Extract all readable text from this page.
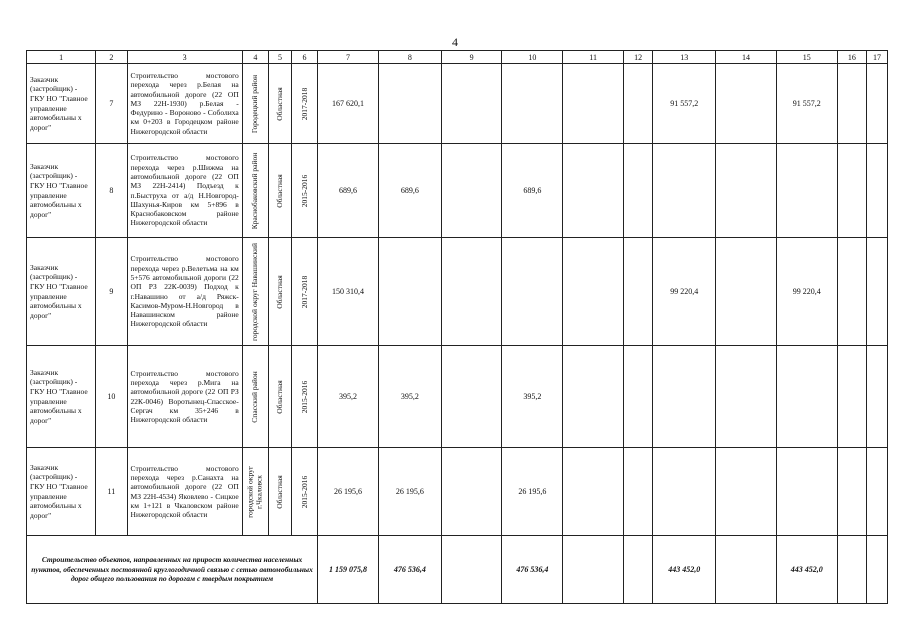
4
1	2	3	4	5	6	7	8	9	10	11	12	13	14	15	16	17
Заказчик (застройщик) - ГКУ НО "Главное управление автомобильны х дорог"	7	Строительство мостового перехода через р.Белая на автомобильной дороге (22 ОП МЗ 22Н-1930) р.Белая - Федурино - Вороново - Соболиха км 0+203 в Городецком районе Нижегородской области	Городецкий район	Областная	2017-2018	167 620,1						91 557,2		91 557,2		
Заказчик (застройщик) - ГКУ НО "Главное управление автомобильны х дорог"	8	Строительство мостового перехода через р.Шижма на автомобильной дороге (22 ОП МЗ 22Н-2414) Подъезд к п.Быструха от а/д Н.Новгород-Шахунья-Киров км 5+896 в Краснобаковском районе Нижегородской области	Краснобаковский район	Областная	2015-2016	689,6	689,6		689,6							
Заказчик (застройщик) - ГКУ НО "Главное управление автомобильны х дорог"	9	Строительство мостового перехода через р.Велетьма на км 5+576 автомобильной дороги (22 ОП РЗ 22К-0039) Подход к г.Навашино от а/д Ряжск-Касимов-Муром-Н.Новгород в Навашинском районе Нижегородской области	городской округ Навашинский	Областная	2017-2018	150 310,4						99 220,4		99 220,4		
Заказчик (застройщик) - ГКУ НО "Главное управление автомобильны х дорог"	10	Строительство мостового перехода через р.Мига на автомобильной дороге (22 ОП РЗ 22К-0046) Воротынец-Спасское-Сергач км 35+246 в Нижегородской области	Спасский район	Областная	2015-2016	395,2	395,2		395,2							
Заказчик (застройщик) - ГКУ НО "Главное управление автомобильны х дорог"	11	Строительство мостового перехода через р.Санахта на автомобильной дороге (22 ОП МЗ 22Н-4534) Яковлево - Сицкое км 1+121 в Чкаловском районе Нижегородской области	городской округ г.Чкаловск	Областная	2015-2016	26 195,6	26 195,6		26 195,6							
Строительство объектов, направленных на прирост количества населенных пунктов, обеспеченных постоянной круглогодичной связью с сетью автомобильных дорог общего пользования по дорогам с твердым покрытием						1 159 075,8	476 536,4		476 536,4			443 452,0		443 452,0		
